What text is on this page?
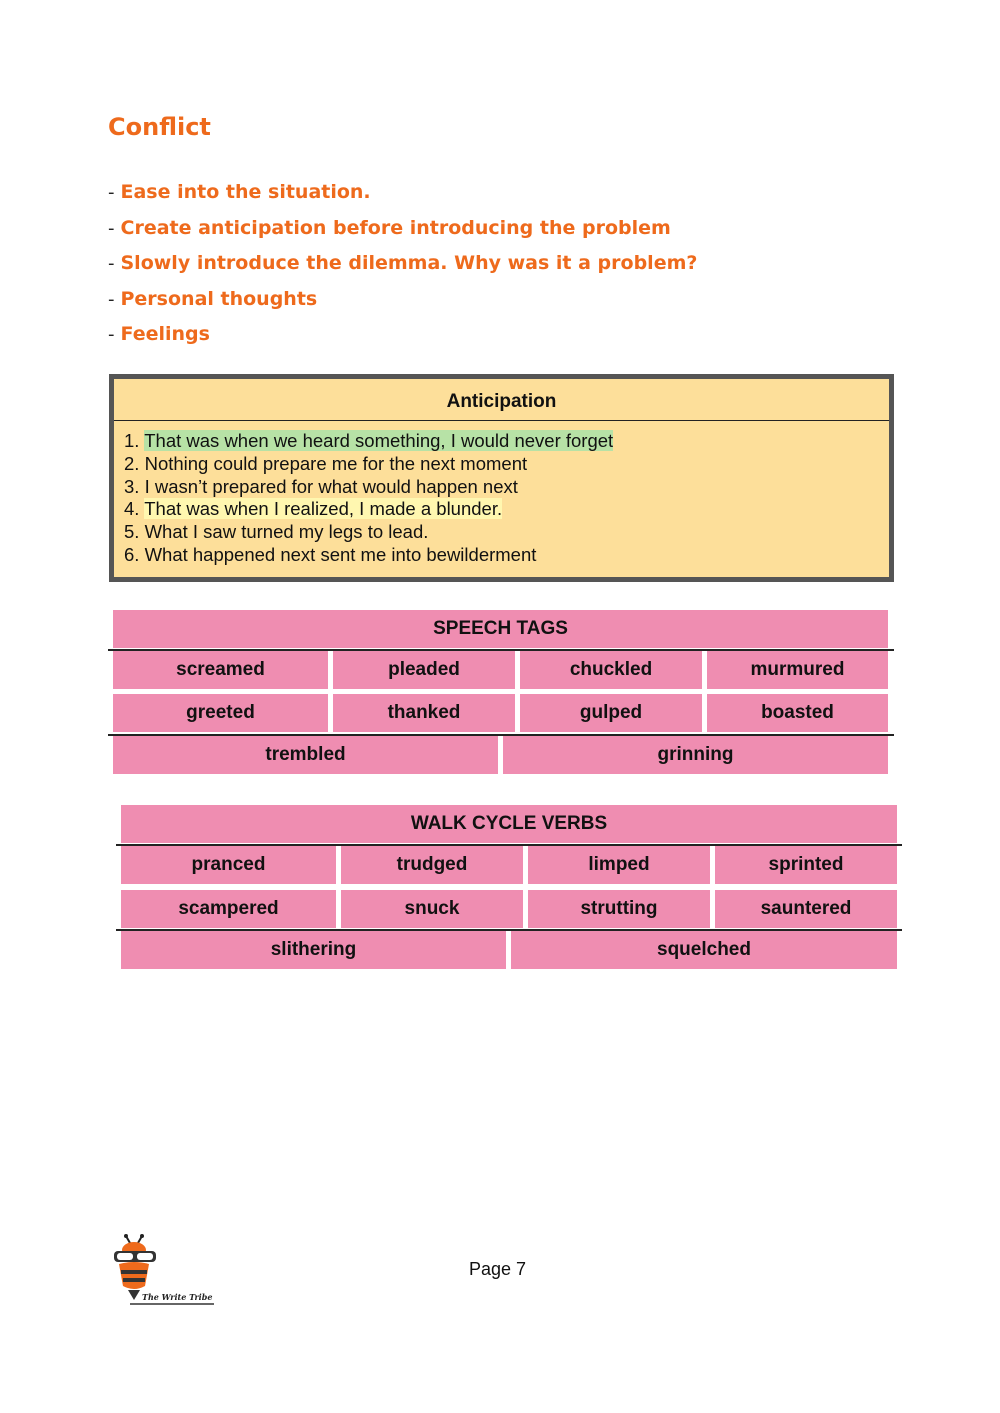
Conflict
- Ease into the situation.
- Create anticipation before introducing the problem
- Slowly introduce the dilemma. Why was it a problem?
- Personal thoughts
- Feelings
Anticipation
1. That was when we heard something, I would never forget
2. Nothing could prepare me for the next moment
3. I wasn’t prepared for what would happen next
4. That was when I realized, I made a blunder.
5. What I saw turned my legs to lead.
6. What happened next sent me into bewilderment
SPEECH TAGS
screamed	pleaded	chuckled	murmured
greeted	thanked	gulped	boasted
trembled	grinning
WALK CYCLE VERBS
pranced	trudged	limped	sprinted
scampered	snuck	strutting	sauntered
slithering	squelched
The Write Tribe
Page 7
